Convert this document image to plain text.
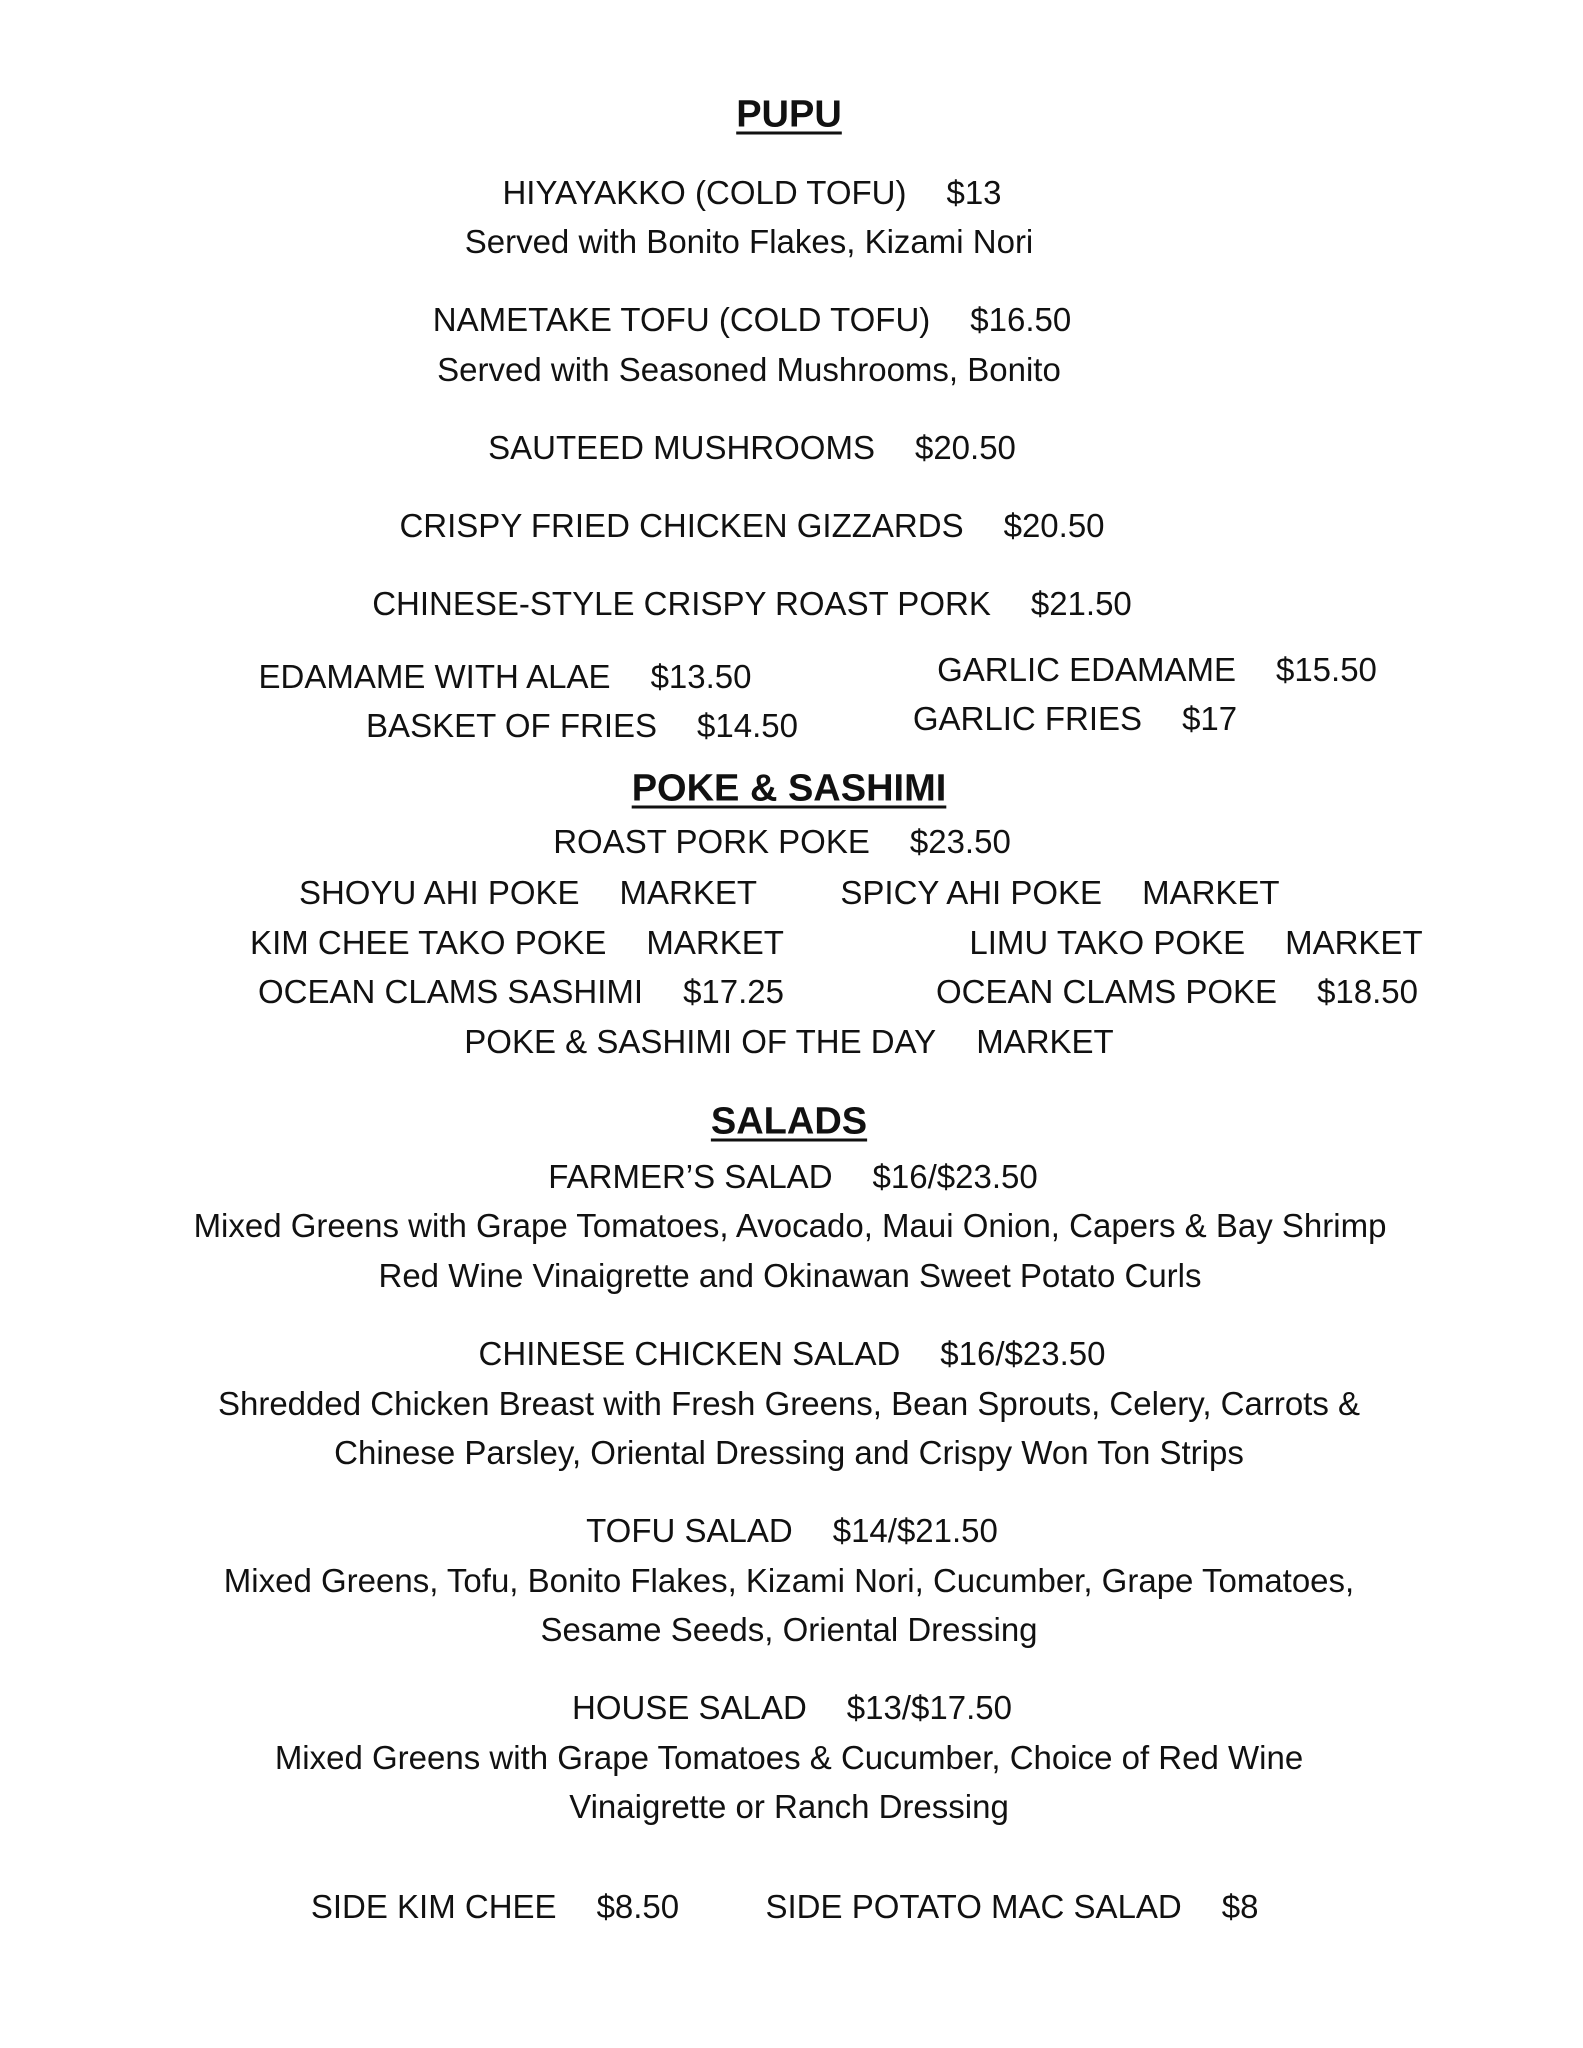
PUPU
POKE & SASHIMI
SALADS
HIYAYAKKO (COLD TOFU) $13
Served with Bonito Flakes, Kizami Nori
NAMETAKE TOFU (COLD TOFU) $16.50
Served with Seasoned Mushrooms, Bonito
SAUTEED MUSHROOMS $20.50
CRISPY FRIED CHICKEN GIZZARDS $20.50
CHINESE-STYLE CRISPY ROAST PORK $21.50
EDAMAME WITH ALAE $13.50
BASKET OF FRIES $14.50
GARLIC EDAMAME $15.50
GARLIC FRIES $17
ROAST PORK POKE $23.50
SHOYU AHI POKE MARKET	SPICY AHI POKE MARKET
KIM CHEE TAKO POKE MARKET	LIMU TAKO POKE MARKET
OCEAN CLAMS SASHIMI $17.25	OCEAN CLAMS POKE $18.50
POKE & SASHIMI OF THE DAY MARKET
FARMER’S SALAD $16/$23.50
Mixed Greens with Grape Tomatoes, Avocado, Maui Onion, Capers & Bay Shrimp
Red Wine Vinaigrette and Okinawan Sweet Potato Curls
CHINESE CHICKEN SALAD $16/$23.50
Shredded Chicken Breast with Fresh Greens, Bean Sprouts, Celery, Carrots &
Chinese Parsley, Oriental Dressing and Crispy Won Ton Strips
TOFU SALAD $14/$21.50
Mixed Greens, Tofu, Bonito Flakes, Kizami Nori, Cucumber, Grape Tomatoes,
Sesame Seeds, Oriental Dressing
HOUSE SALAD $13/$17.50
Mixed Greens with Grape Tomatoes & Cucumber, Choice of Red Wine
Vinaigrette or Ranch Dressing
SIDE KIM CHEE $8.50	SIDE POTATO MAC SALAD $8
